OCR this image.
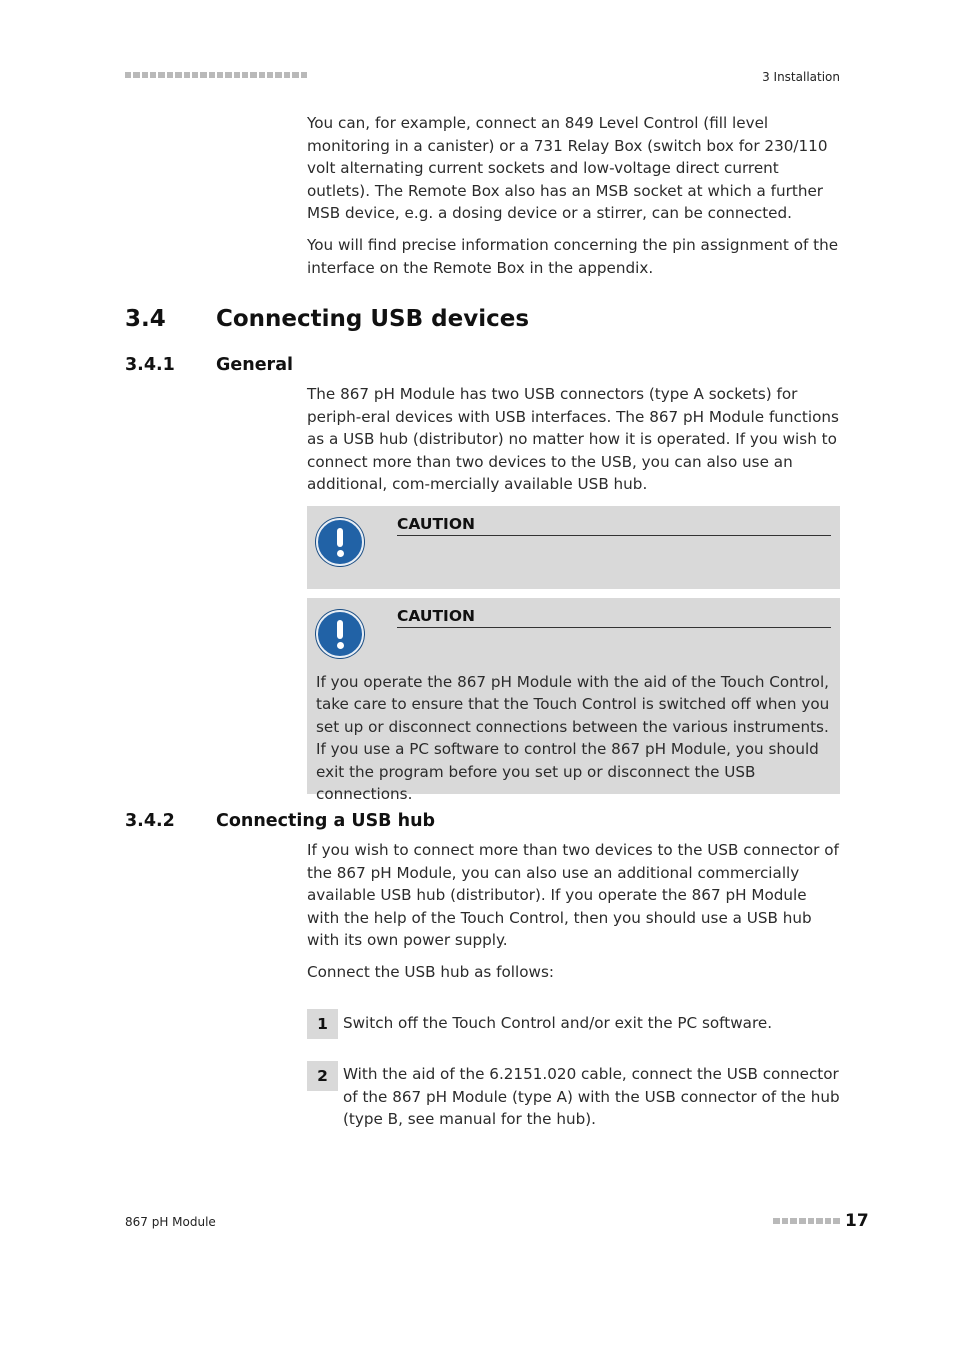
3 Installation

You can, for example, connect an 849 Level Control (fill level monitoring in a canister) or a 731 Relay Box (switch box for 230/110 volt alternating current sockets and low-voltage direct current outlets). The Remote Box also has an MSB socket at which a further MSB device, e.g. a dosing device or a stirrer, can be connected.

You will find precise information concerning the pin assignment of the interface on the Remote Box in the appendix.

3.4 Connecting USB devices
3.4.1 General

The 867 pH Module has two USB connectors (type A sockets) for periph-eral devices with USB interfaces. The 867 pH Module functions as a USB hub (distributor) no matter how it is operated. If you wish to connect more than two devices to the USB, you can also use an additional, com-mercially available USB hub.

CAUTION
CAUTION
If you operate the 867 pH Module with the aid of the Touch Control, take care to ensure that the Touch Control is switched off when you set up or disconnect connections between the various instruments. If you use a PC software to control the 867 pH Module, you should exit the program before you set up or disconnect the USB connections.
3.4.2 Connecting a USB hub

If you wish to connect more than two devices to the USB connector of the 867 pH Module, you can also use an additional commercially available USB hub (distributor). If you operate the 867 pH Module with the help of the Touch Control, then you should use a USB hub with its own power supply.

Connect the USB hub as follows:

1 Switch off the Touch Control and/or exit the PC software.
2 With the aid of the 6.2151.020 cable, connect the USB connector of the 867 pH Module (type A) with the USB connector of the hub (type B, see manual for the hub).
867 pH Module	17
